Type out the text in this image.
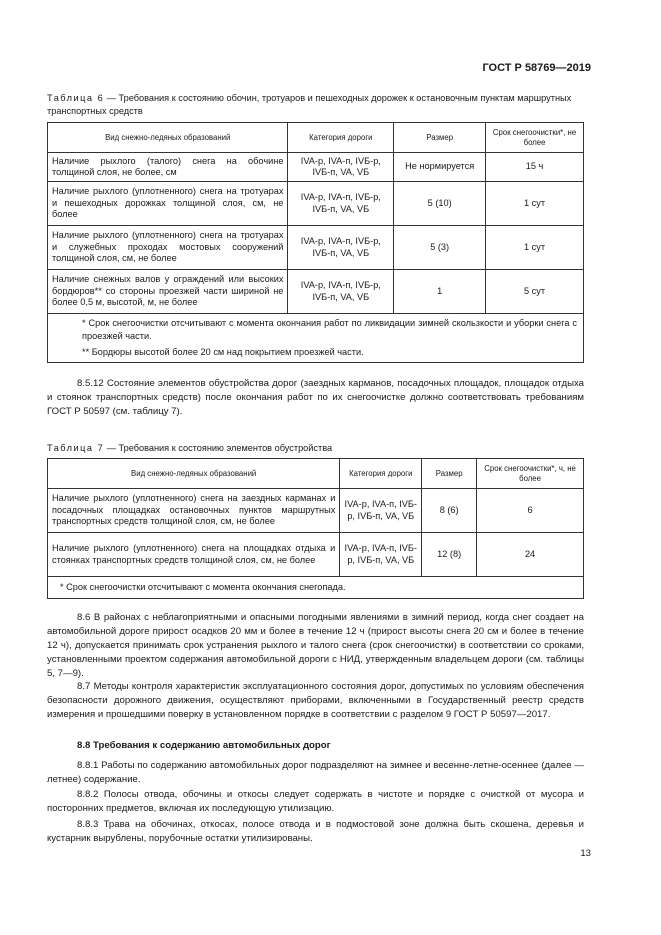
ГОСТ Р 58769—2019
Таблица 6 — Требования к состоянию обочин, тротуаров и пешеходных дорожек к остановочным пунктам маршрутных транспортных средств
Вид снежно-ледяных образований	Категория дороги	Размер	Срок снегоочистки*, не более
Наличие рыхлого (талого) снега на обочине толщиной слоя, не более, см	IVA-р, IVA-п, IVБ-р, IVБ-п, VA, VБ	Не нормируется	15 ч
Наличие рыхлого (уплотненного) снега на тротуарах и пешеходных дорожках толщиной слоя, см, не более	IVA-р, IVA-п, IVБ-р, IVБ-п, VA, VБ	5 (10)	1 сут
Наличие рыхлого (уплотненного) снега на тротуарах и служебных проходах мостовых сооружений толщиной слоя, см, не более	IVA-р, IVA-п, IVБ-р, IVБ-п, VA, VБ	5 (3)	1 сут
Наличие снежных валов у ограждений или высоких бордюров** со стороны проезжей части шириной не более 0,5 м, высотой, м, не более	IVA-р, IVA-п, IVБ-р, IVБ-п, VA, VБ	1	5 сут

* Срок снегоочистки отсчитывают с момента окончания работ по ликвидации зимней скользкости и уборки снега с проезжей части.
** Бордюры высотой более 20 см над покрытием проезжей части.			

8.5.12 Состояние элементов обустройства дорог (заездных карманов, посадочных площадок, площадок отдыха и стоянок транспортных средств) после окончания работ по их снегоочистке должно соответствовать требованиям ГОСТ Р 50597 (см. таблицу 7).

Таблица 7 — Требования к состоянию элементов обустройства
Вид снежно-ледяных образований	Категория дороги	Размер	Срок снегоочистки*, ч, не более
Наличие рыхлого (уплотненного) снега на заездных карманах и посадочных площадках остановочных пунктов маршрутных транспортных средств толщиной слоя, см, не более	IVA-р, IVA-п, IVБ-р, IVБ-п, VA, VБ	8 (6)	6
Наличие рыхлого (уплотненного) снега на площадках отдыха и стоянках транспортных средств толщиной слоя, см, не более	IVA-р, IVA-п, IVБ-р, IVБ-п, VA, VБ	12 (8)	24
* Срок снегоочистки отсчитывают с момента окончания снегопада.			

8.6 В районах с неблагоприятными и опасными погодными явлениями в зимний период, когда снег создает на автомобильной дороге прирост осадков 20 мм и более в течение 12 ч (прирост высоты снега 20 см и более в течение 12 ч), допускается принимать срок устранения рыхлого и талого снега (срок снегоочистки) в соответствии со сроками, установленными проектом содержания автомобильной дороги с НИД, утвержденным владельцем дороги (см. таблицы 5, 7—9).

8.7 Методы контроля характеристик эксплуатационного состояния дорог, допустимых по условиям обеспечения безопасности дорожного движения, осуществляют приборами, включенными в Государственный реестр средств измерения и прошедшими поверку в установленном порядке в соответствии с разделом 9 ГОСТ Р 50597—2017.

8.8 Требования к содержанию автомобильных дорог

8.8.1 Работы по содержанию автомобильных дорог подразделяют на зимнее и весенне-летне-осеннее (далее — летнее) содержание.

8.8.2 Полосы отвода, обочины и откосы следует содержать в чистоте и порядке с очисткой от мусора и посторонних предметов, включая их последующую утилизацию.

8.8.3 Трава на обочинах, откосах, полосе отвода и в подмостовой зоне должна быть скошена, деревья и кустарник вырублены, порубочные остатки утилизированы.

13
